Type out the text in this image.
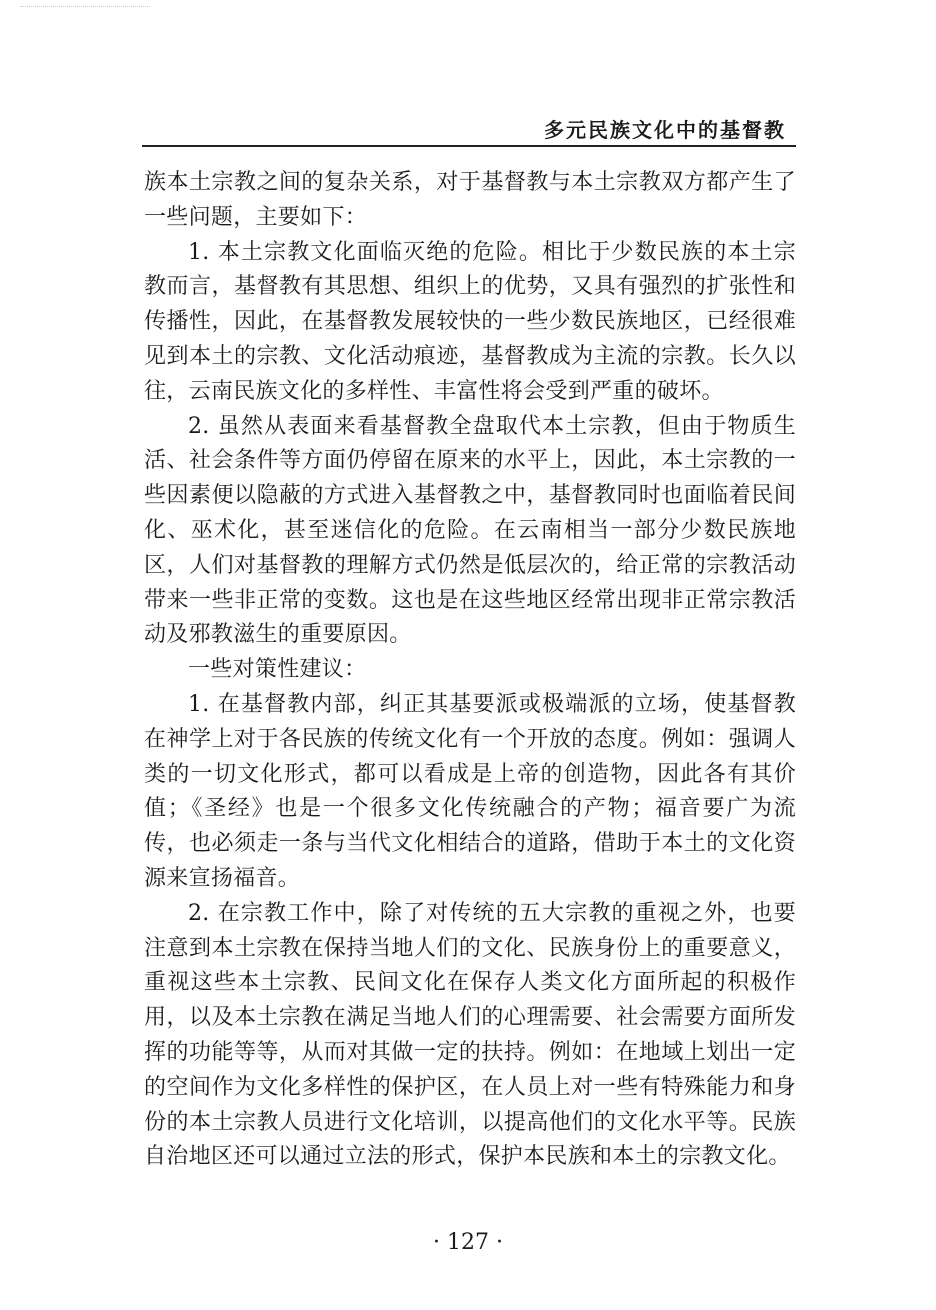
多元民族文化中的基督教

族本土宗教之间的复杂关系，对于基督教与本土宗教双方都产生了一些问题，主要如下：

1. 本土宗教文化面临灭绝的危险。相比于少数民族的本土宗教而言，基督教有其思想、组织上的优势，又具有强烈的扩张性和传播性，因此，在基督教发展较快的一些少数民族地区，已经很难见到本土的宗教、文化活动痕迹，基督教成为主流的宗教。长久以往，云南民族文化的多样性、丰富性将会受到严重的破坏。

2. 虽然从表面来看基督教全盘取代本土宗教，但由于物质生活、社会条件等方面仍停留在原来的水平上，因此，本土宗教的一些因素便以隐蔽的方式进入基督教之中，基督教同时也面临着民间化、巫术化，甚至迷信化的危险。在云南相当一部分少数民族地区，人们对基督教的理解方式仍然是低层次的，给正常的宗教活动带来一些非正常的变数。这也是在这些地区经常出现非正常宗教活动及邪教滋生的重要原因。

一些对策性建议：

1. 在基督教内部，纠正其基要派或极端派的立场，使基督教在神学上对于各民族的传统文化有一个开放的态度。例如：强调人类的一切文化形式，都可以看成是上帝的创造物，因此各有其价值；《圣经》也是一个很多文化传统融合的产物；福音要广为流传，也必须走一条与当代文化相结合的道路，借助于本土的文化资源来宣扬福音。

2. 在宗教工作中，除了对传统的五大宗教的重视之外，也要注意到本土宗教在保持当地人们的文化、民族身份上的重要意义，重视这些本土宗教、民间文化在保存人类文化方面所起的积极作用，以及本土宗教在满足当地人们的心理需要、社会需要方面所发挥的功能等等，从而对其做一定的扶持。例如：在地域上划出一定的空间作为文化多样性的保护区，在人员上对一些有特殊能力和身份的本土宗教人员进行文化培训，以提高他们的文化水平等。民族自治地区还可以通过立法的形式，保护本民族和本土的宗教文化。

· 127 ·
